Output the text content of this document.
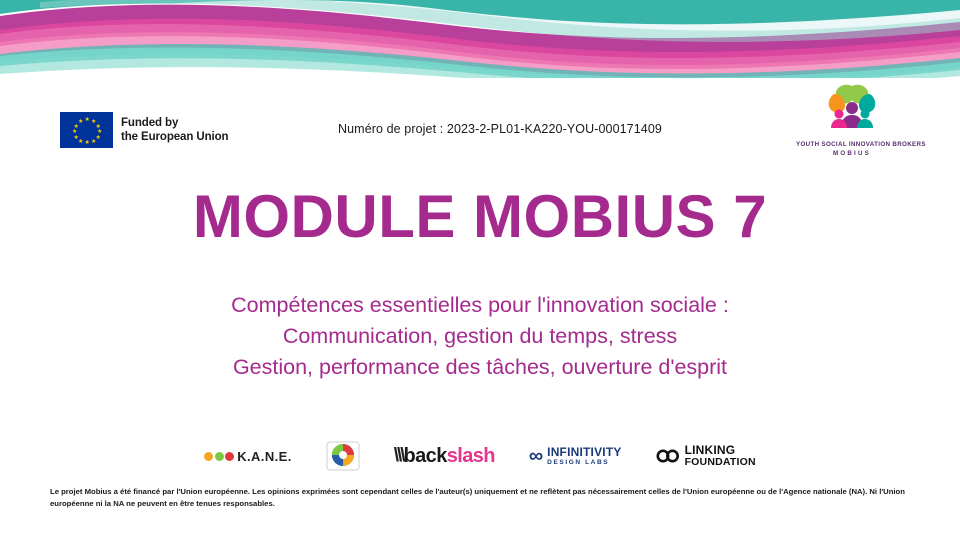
★ ★
★
★
★
★
★
★
★
★
★
★	Funded by
the European Union
Numéro de projet : 2023-2-PL01-KA220-YOU-000171409
YOUTH SOCIAL INNOVATION BROKERS
MOBIUS
MODULE MOBIUS 7
Compétences essentielles pour l'innovation sociale :
Communication, gestion du temps, stress
Gestion, performance des tâches, ouverture d'esprit
K.A.N.E.	\\\ backslash ∞ INFINITIVITY
DESIGN LABS
LINKING
FOUNDATION
Le projet Mobius a été financé par l'Union européenne. Les opinions exprimées sont cependant celles de l'auteur(s) uniquement et ne reflètent pas nécessairement celles de l'Union européenne ou de l'Agence nationale (NA). Ni l'Union européenne ni la NA ne peuvent en être tenues responsables.
